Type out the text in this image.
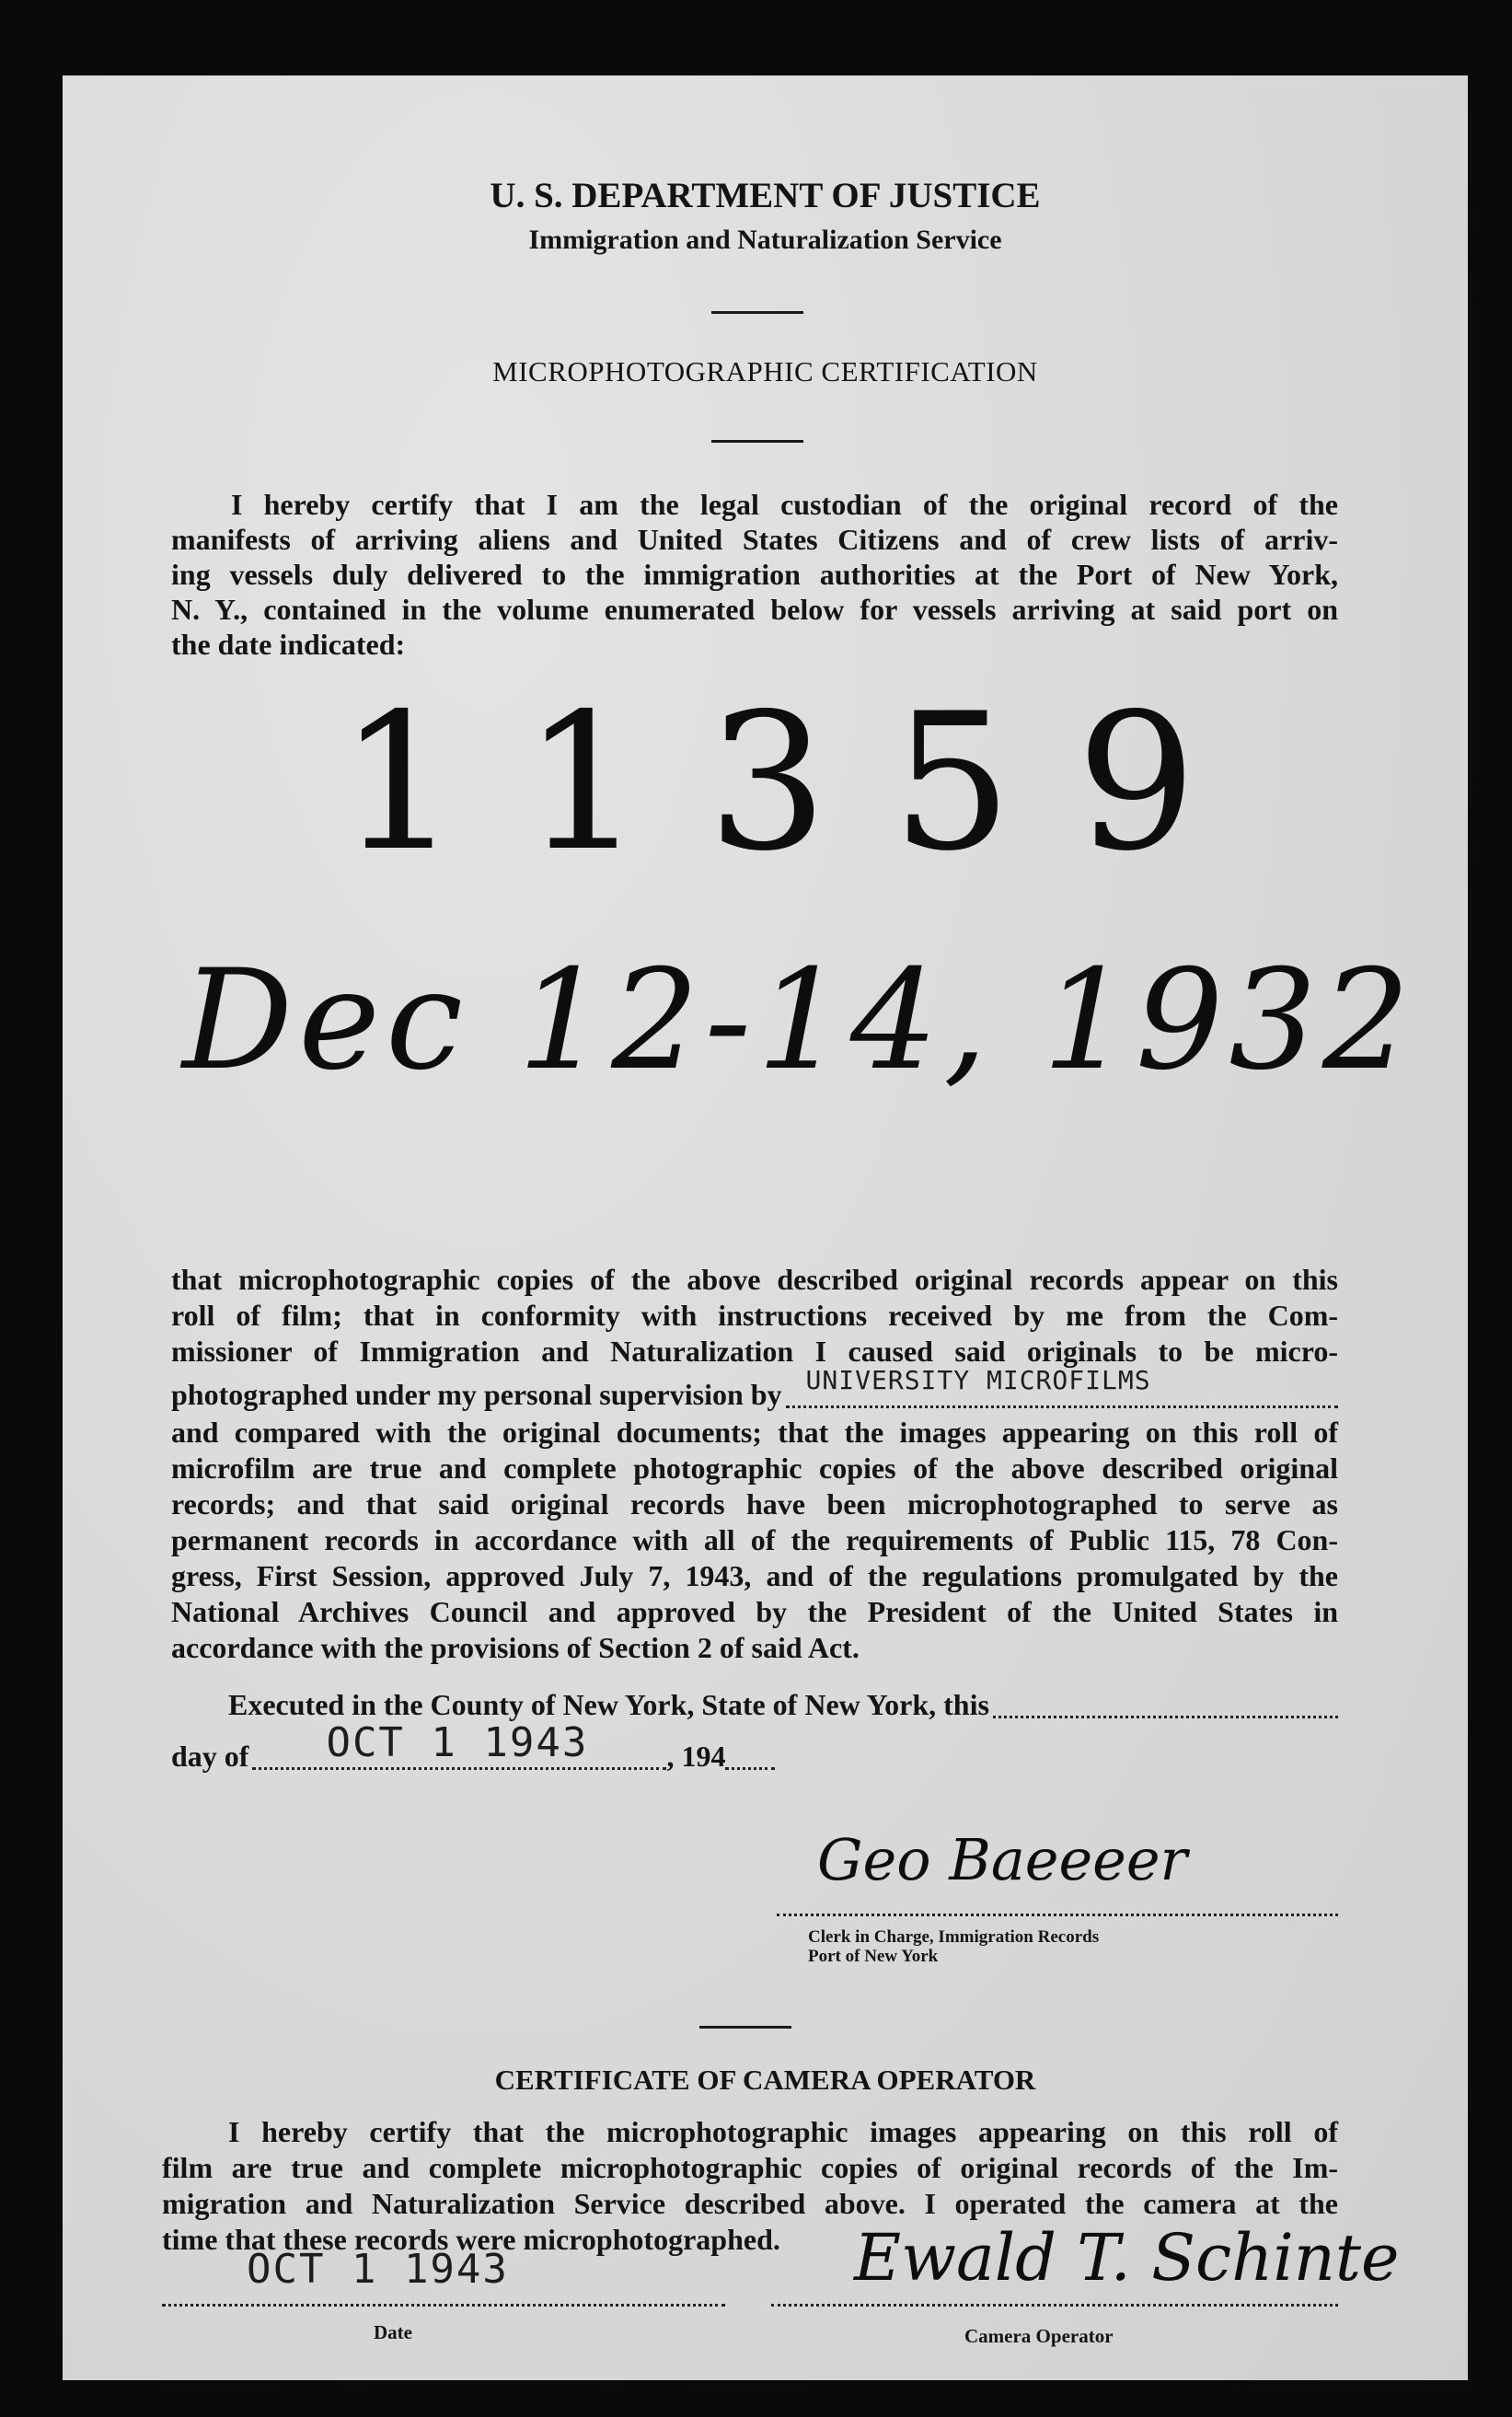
U. S. DEPARTMENT OF JUSTICE
Immigration and Naturalization Service
MICROPHOTOGRAPHIC CERTIFICATION
I hereby certify that I am the legal custodian of the original record of the
manifests of arriving aliens and United States Citizens and of crew lists of arriv-
ing vessels duly delivered to the immigration authorities at the Port of New York,
N. Y., contained in the volume enumerated below for vessels arriving at said port on
the date indicated:
11359
Dec 12-14, 1932
that microphotographic copies of the above described original records appear on this
roll of film; that in conformity with instructions received by me from the Com-
missioner of Immigration and Naturalization I caused said originals to be micro-
photographed under my personal supervision by UNIVERSITY MICROFILMS
and compared with the original documents; that the images appearing on this roll of
microfilm are true and complete photographic copies of the above described original
records; and that said original records have been microphotographed to serve as
permanent records in accordance with all of the requirements of Public 115, 78 Con-
gress, First Session, approved July 7, 1943, and of the regulations promulgated by the
National Archives Council and approved by the President of the United States in
accordance with the provisions of Section 2 of said Act.
Executed in the County of New York, State of New York, this
day of OCT 1 1943	, 194
Geo Baeeeer
Clerk in Charge, Immigration Records
Port of New York
CERTIFICATE OF CAMERA OPERATOR
I hereby certify that the microphotographic images appearing on this roll of
film are true and complete microphotographic copies of original records of the Im-
migration and Naturalization Service described above. I operated the camera at the
time that these records were microphotographed.
OCT 1 1943
Date
Ewald T. Schinte
Camera Operator
